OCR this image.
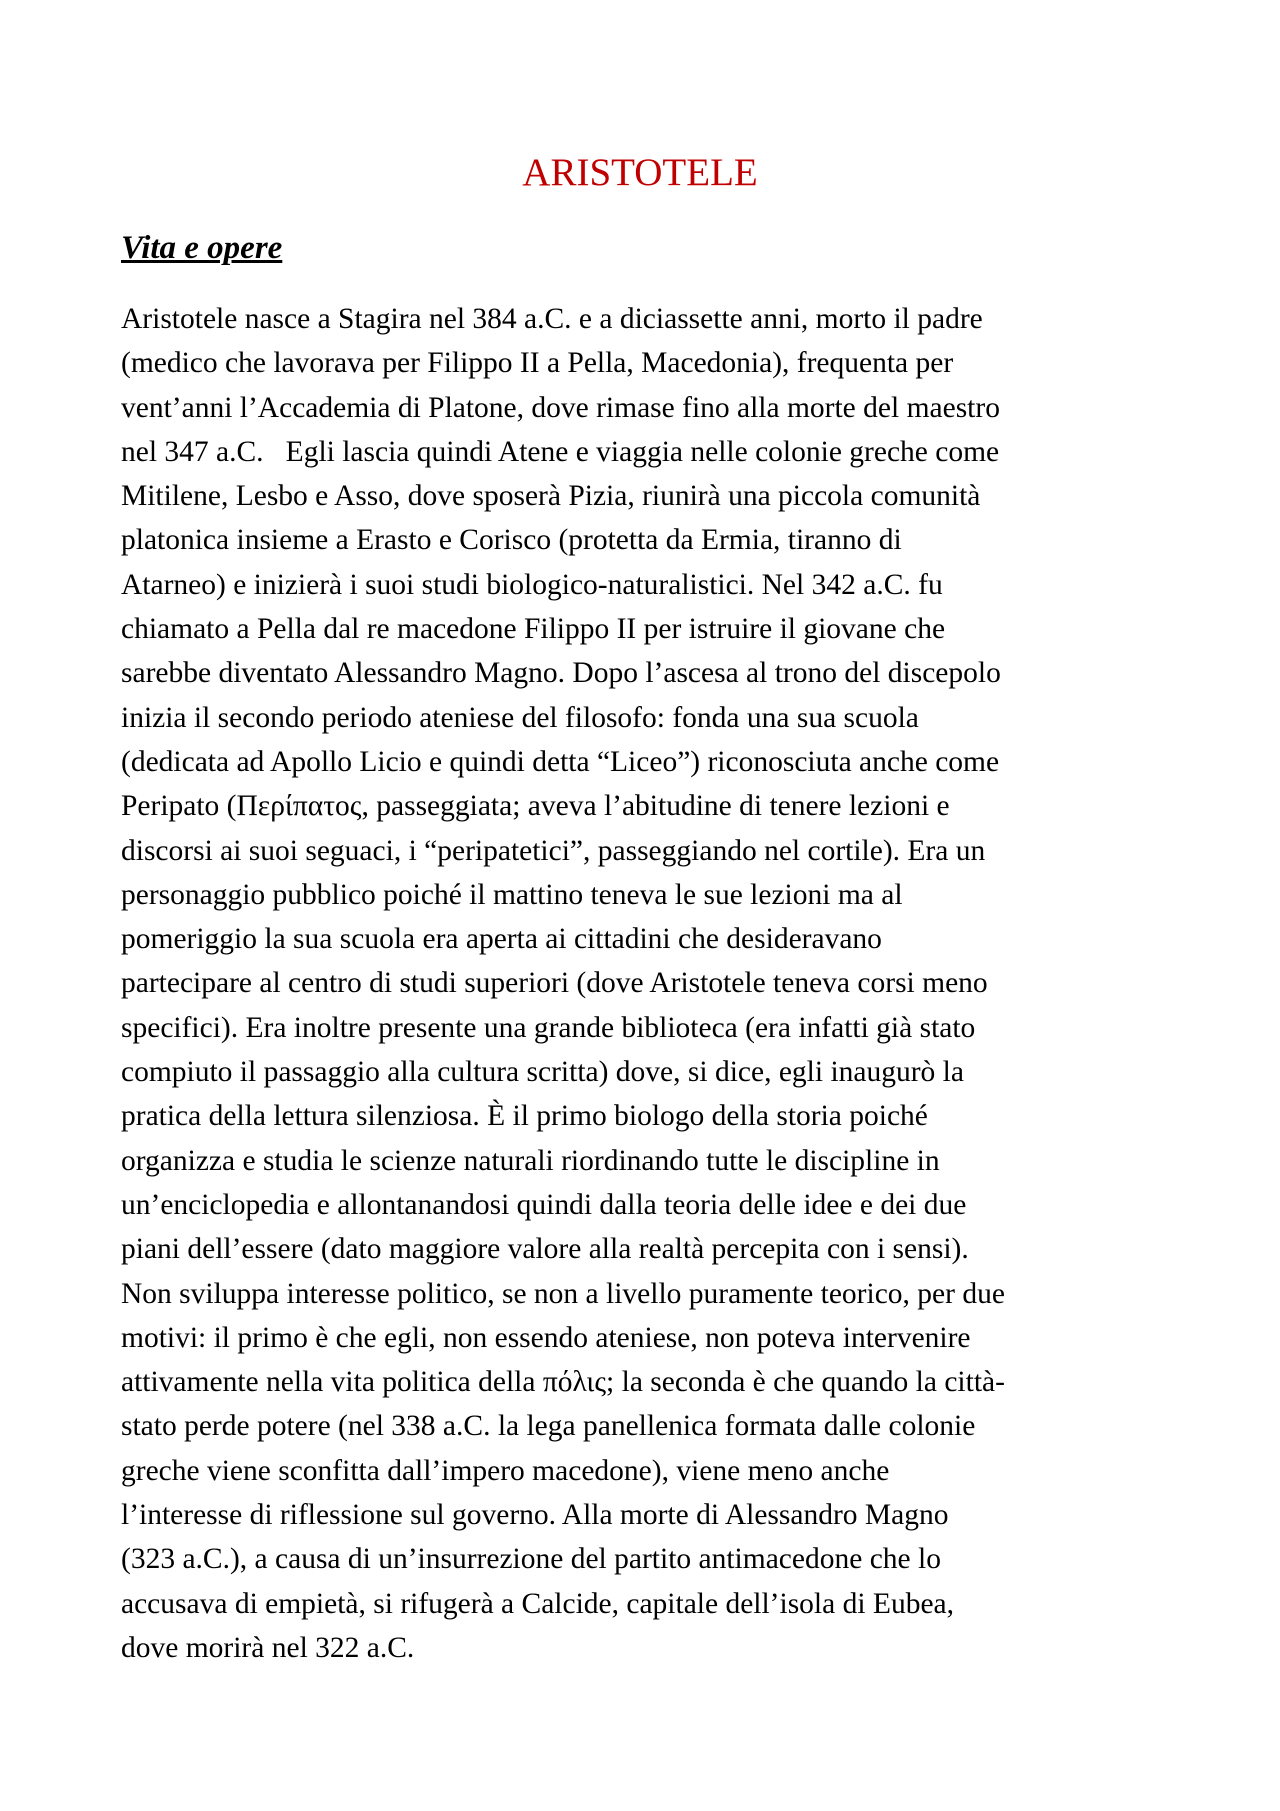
ARISTOTELE
Vita e opere
Aristotele nasce a Stagira nel 384 a.C. e a diciassette anni, morto il padre
(medico che lavorava per Filippo II a Pella, Macedonia), frequenta per
vent’anni l’Accademia di Platone, dove rimase fino alla morte del maestro
nel 347 a.C.   Egli lascia quindi Atene e viaggia nelle colonie greche come
Mitilene, Lesbo e Asso, dove sposerà Pizia, riunirà una piccola comunità
platonica insieme a Erasto e Corisco (protetta da Ermia, tiranno di
Atarneo) e inizierà i suoi studi biologico-naturalistici. Nel 342 a.C. fu
chiamato a Pella dal re macedone Filippo II per istruire il giovane che
sarebbe diventato Alessandro Magno. Dopo l’ascesa al trono del discepolo
inizia il secondo periodo ateniese del filosofo: fonda una sua scuola
(dedicata ad Apollo Licio e quindi detta “Liceo”) riconosciuta anche come
Peripato (Περίπατος, passeggiata; aveva l’abitudine di tenere lezioni e
discorsi ai suoi seguaci, i “peripatetici”, passeggiando nel cortile). Era un
personaggio pubblico poiché il mattino teneva le sue lezioni ma al
pomeriggio la sua scuola era aperta ai cittadini che desideravano
partecipare al centro di studi superiori (dove Aristotele teneva corsi meno
specifici). Era inoltre presente una grande biblioteca (era infatti già stato
compiuto il passaggio alla cultura scritta) dove, si dice, egli inaugurò la
pratica della lettura silenziosa. È il primo biologo della storia poiché
organizza e studia le scienze naturali riordinando tutte le discipline in
un’enciclopedia e allontanandosi quindi dalla teoria delle idee e dei due
piani dell’essere (dato maggiore valore alla realtà percepita con i sensi).
Non sviluppa interesse politico, se non a livello puramente teorico, per due
motivi: il primo è che egli, non essendo ateniese, non poteva intervenire
attivamente nella vita politica della πόλις; la seconda è che quando la città-
stato perde potere (nel 338 a.C. la lega panellenica formata dalle colonie
greche viene sconfitta dall’impero macedone), viene meno anche
l’interesse di riflessione sul governo. Alla morte di Alessandro Magno
(323 a.C.), a causa di un’insurrezione del partito antimacedone che lo
accusava di empietà, si rifugerà a Calcide, capitale dell’isola di Eubea,
dove morirà nel 322 a.C.
